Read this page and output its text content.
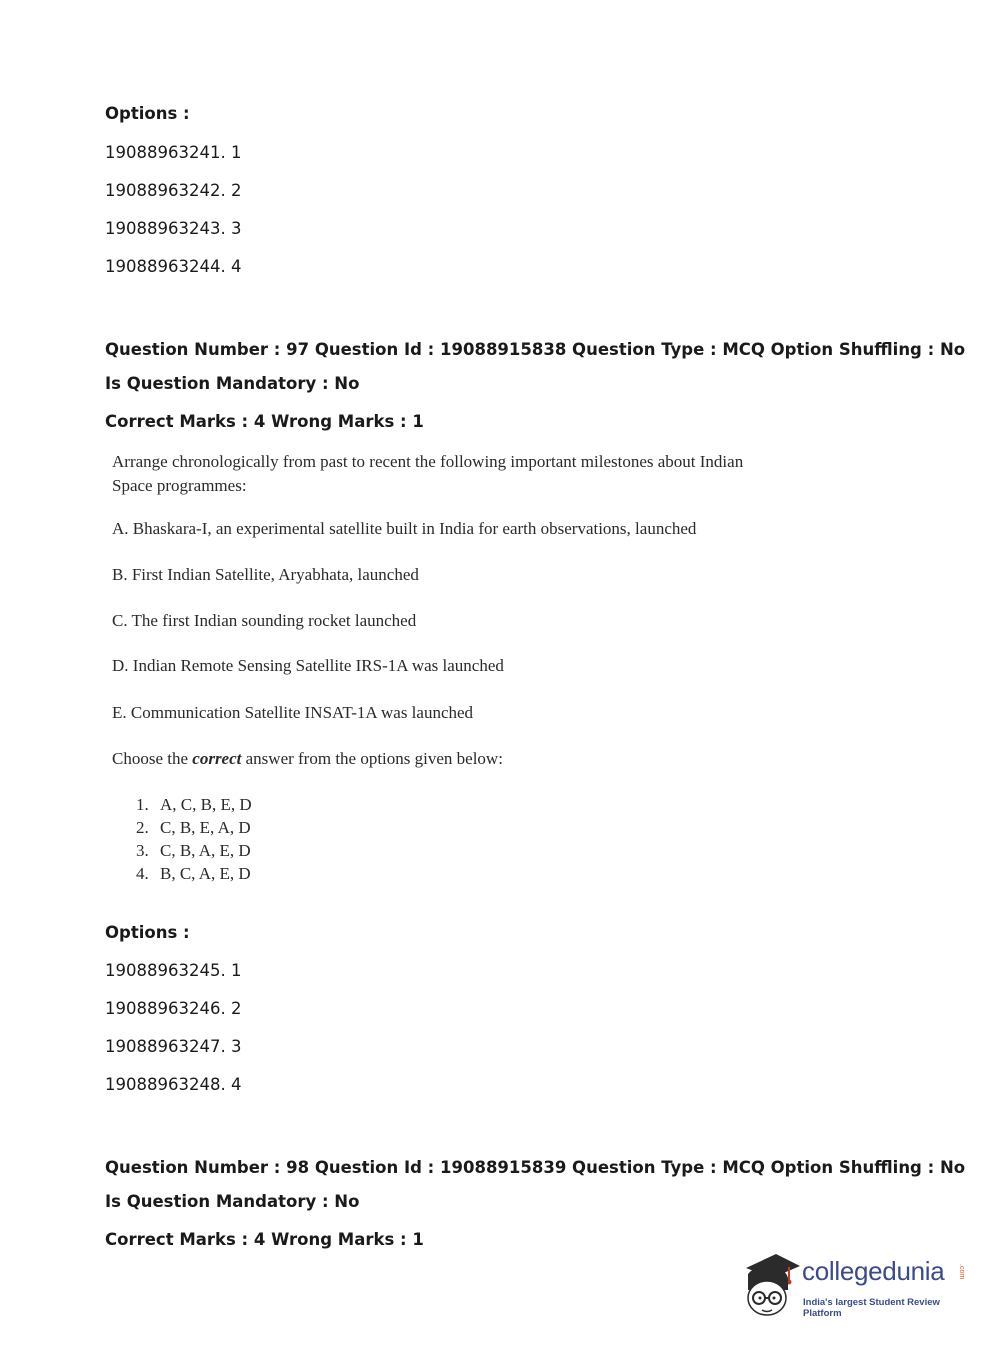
Options :
19088963241. 1
19088963242. 2
19088963243. 3
19088963244. 4
Question Number : 97 Question Id : 19088915838 Question Type : MCQ Option Shuffling : No
Is Question Mandatory : No
Correct Marks : 4 Wrong Marks : 1
Arrange chronologically from past to recent the following important milestones about Indian
Space programmes:
A. Bhaskara-I, an experimental satellite built in India for earth observations, launched
B. First Indian Satellite, Aryabhata, launched
C. The first Indian sounding rocket launched
D. Indian Remote Sensing Satellite IRS-1A was launched
E. Communication Satellite INSAT-1A was launched
Choose the correct answer from the options given below:
1. A, C, B, E, D
2. C, B, E, A, D
3. C, B, A, E, D
4. B, C, A, E, D
Options :
19088963245. 1
19088963246. 2
19088963247. 3
19088963248. 4
Question Number : 98 Question Id : 19088915839 Question Type : MCQ Option Shuffling : No
Is Question Mandatory : No
Correct Marks : 4 Wrong Marks : 1
collegedunia .com
India's largest Student Review Platform
